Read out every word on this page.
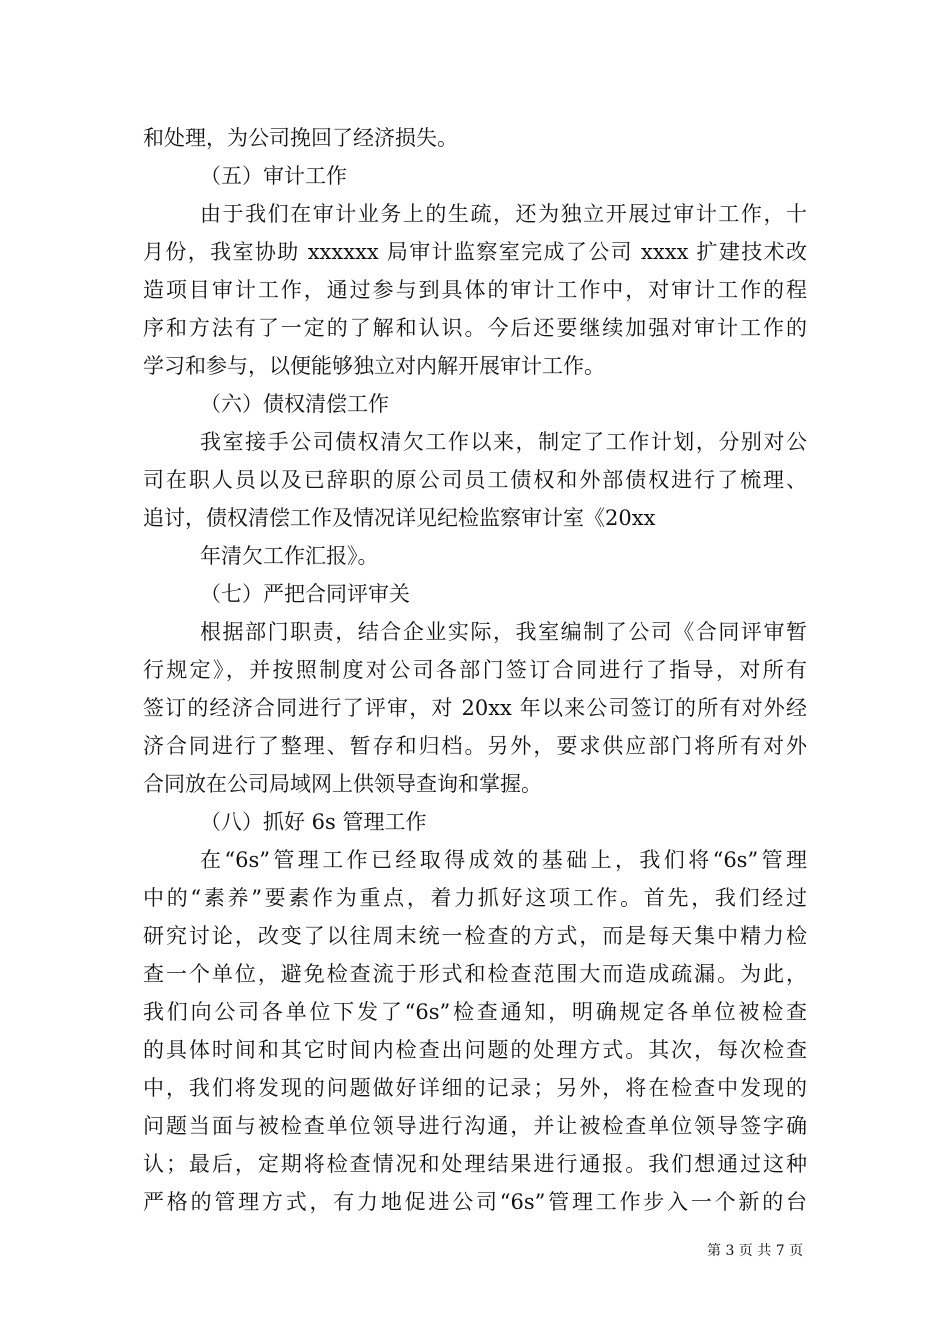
和处理，为公司挽回了经济损失。
（五）审计工作
由于我们在审计业务上的生疏，还为独立开展过审计工作，十
月份，我室协助 xxxxxx 局审计监察室完成了公司 xxxx 扩建技术改
造项目审计工作，通过参与到具体的审计工作中，对审计工作的程
序和方法有了一定的了解和认识。今后还要继续加强对审计工作的
学习和参与，以便能够独立对内解开展审计工作。
（六）债权清偿工作
我室接手公司债权清欠工作以来，制定了工作计划，分别对公
司在职人员以及已辞职的原公司员工债权和外部债权进行了梳理、
追讨，债权清偿工作及情况详见纪检监察审计室《20xx
年清欠工作汇报》。
（七）严把合同评审关
根据部门职责，结合企业实际，我室编制了公司《合同评审暂
行规定》，并按照制度对公司各部门签订合同进行了指导，对所有
签订的经济合同进行了评审，对 20xx 年以来公司签订的所有对外经
济合同进行了整理、暂存和归档。另外，要求供应部门将所有对外
合同放在公司局域网上供领导查询和掌握。
（八）抓好 6s 管理工作
在“6s”管理工作已经取得成效的基础上，我们将“6s”管理
中的“素养”要素作为重点，着力抓好这项工作。首先，我们经过
研究讨论，改变了以往周末统一检查的方式，而是每天集中精力检
查一个单位，避免检查流于形式和检查范围大而造成疏漏。为此，
我们向公司各单位下发了“6s”检查通知，明确规定各单位被检查
的具体时间和其它时间内检查出问题的处理方式。其次，每次检查
中，我们将发现的问题做好详细的记录；另外，将在检查中发现的
问题当面与被检查单位领导进行沟通，并让被检查单位领导签字确
认；最后，定期将检查情况和处理结果进行通报。我们想通过这种
严格的管理方式，有力地促进公司“6s”管理工作步入一个新的台
第 3 页 共 7 页
